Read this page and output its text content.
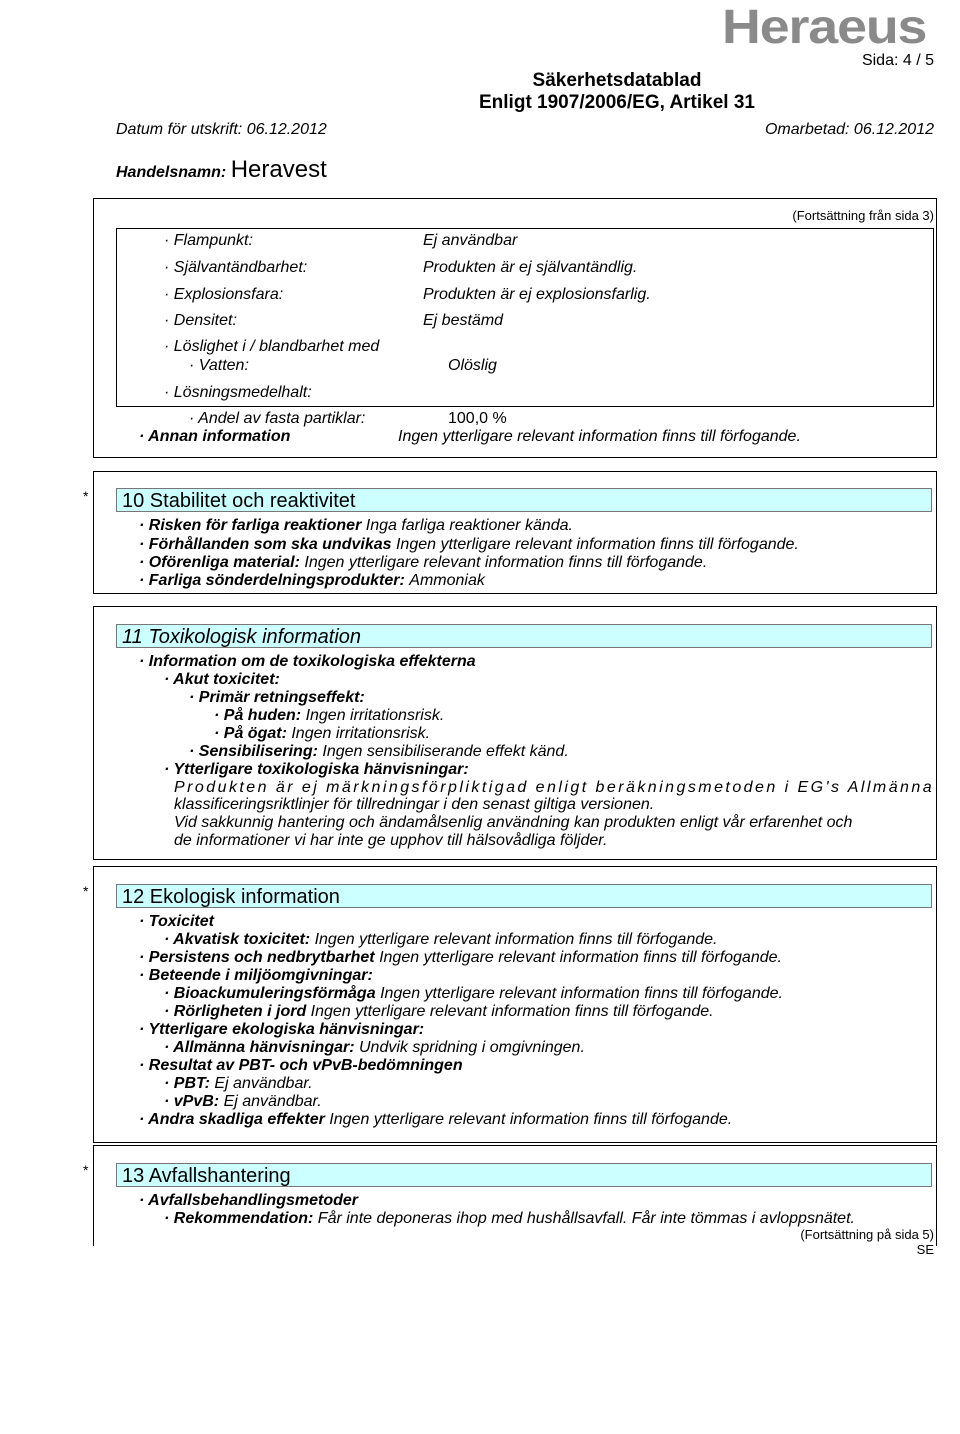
Heraeus
Sida: 4 / 5
Säkerhetsdatablad
Enligt 1907/2006/EG, Artikel 31
Datum för utskrift: 06.12.2012	Omarbetad: 06.12.2012
Handelsnamn: Heravest
(Fortsättning från sida 3)
· Flampunkt:	Ej användbar
· Självantändbarhet:	Produkten är ej självantändlig.
· Explosionsfara:	Produkten är ej explosionsfarlig.
· Densitet:	Ej bestämd
· Löslighet i / blandbarhet med
· Vatten:	Olöslig
· Lösningsmedelhalt:
· Andel av fasta partiklar:	100,0 %
· Annan information	Ingen ytterligare relevant information finns till förfogande.
*	10 Stabilitet och reaktivitet
· Risken för farliga reaktioner Inga farliga reaktioner kända.
· Förhållanden som ska undvikas Ingen ytterligare relevant information finns till förfogande.
· Oförenliga material: Ingen ytterligare relevant information finns till förfogande.
· Farliga sönderdelningsprodukter: Ammoniak
11 Toxikologisk information
· Information om de toxikologiska effekterna
· Akut toxicitet:
· Primär retningseffekt:
· På huden: Ingen irritationsrisk.
· På ögat: Ingen irritationsrisk.
· Sensibilisering: Ingen sensibiliserande effekt känd.
· Ytterligare toxikologiska hänvisningar:
Produkten är ej märkningsförpliktigad enligt beräkningsmetoden i EG's Allmänna
klassificeringsriktlinjer för tillredningar i den senast giltiga versionen.
Vid sakkunnig hantering och ändamålsenlig användning kan produkten enligt vår erfarenhet och
de informationer vi har inte ge upphov till hälsovådliga följder.
*	12 Ekologisk information
· Toxicitet
· Akvatisk toxicitet: Ingen ytterligare relevant information finns till förfogande.
· Persistens och nedbrytbarhet Ingen ytterligare relevant information finns till förfogande.
· Beteende i miljöomgivningar:
· Bioackumuleringsförmåga Ingen ytterligare relevant information finns till förfogande.
· Rörligheten i jord Ingen ytterligare relevant information finns till förfogande.
· Ytterligare ekologiska hänvisningar:
· Allmänna hänvisningar: Undvik spridning i omgivningen.
· Resultat av PBT- och vPvB-bedömningen
· PBT: Ej användbar.
· vPvB: Ej användbar.
· Andra skadliga effekter Ingen ytterligare relevant information finns till förfogande.
*	13 Avfallshantering
· Avfallsbehandlingsmetoder
· Rekommendation: Får inte deponeras ihop med hushållsavfall. Får inte tömmas i avloppsnätet.
(Fortsättning på sida 5)
SE
